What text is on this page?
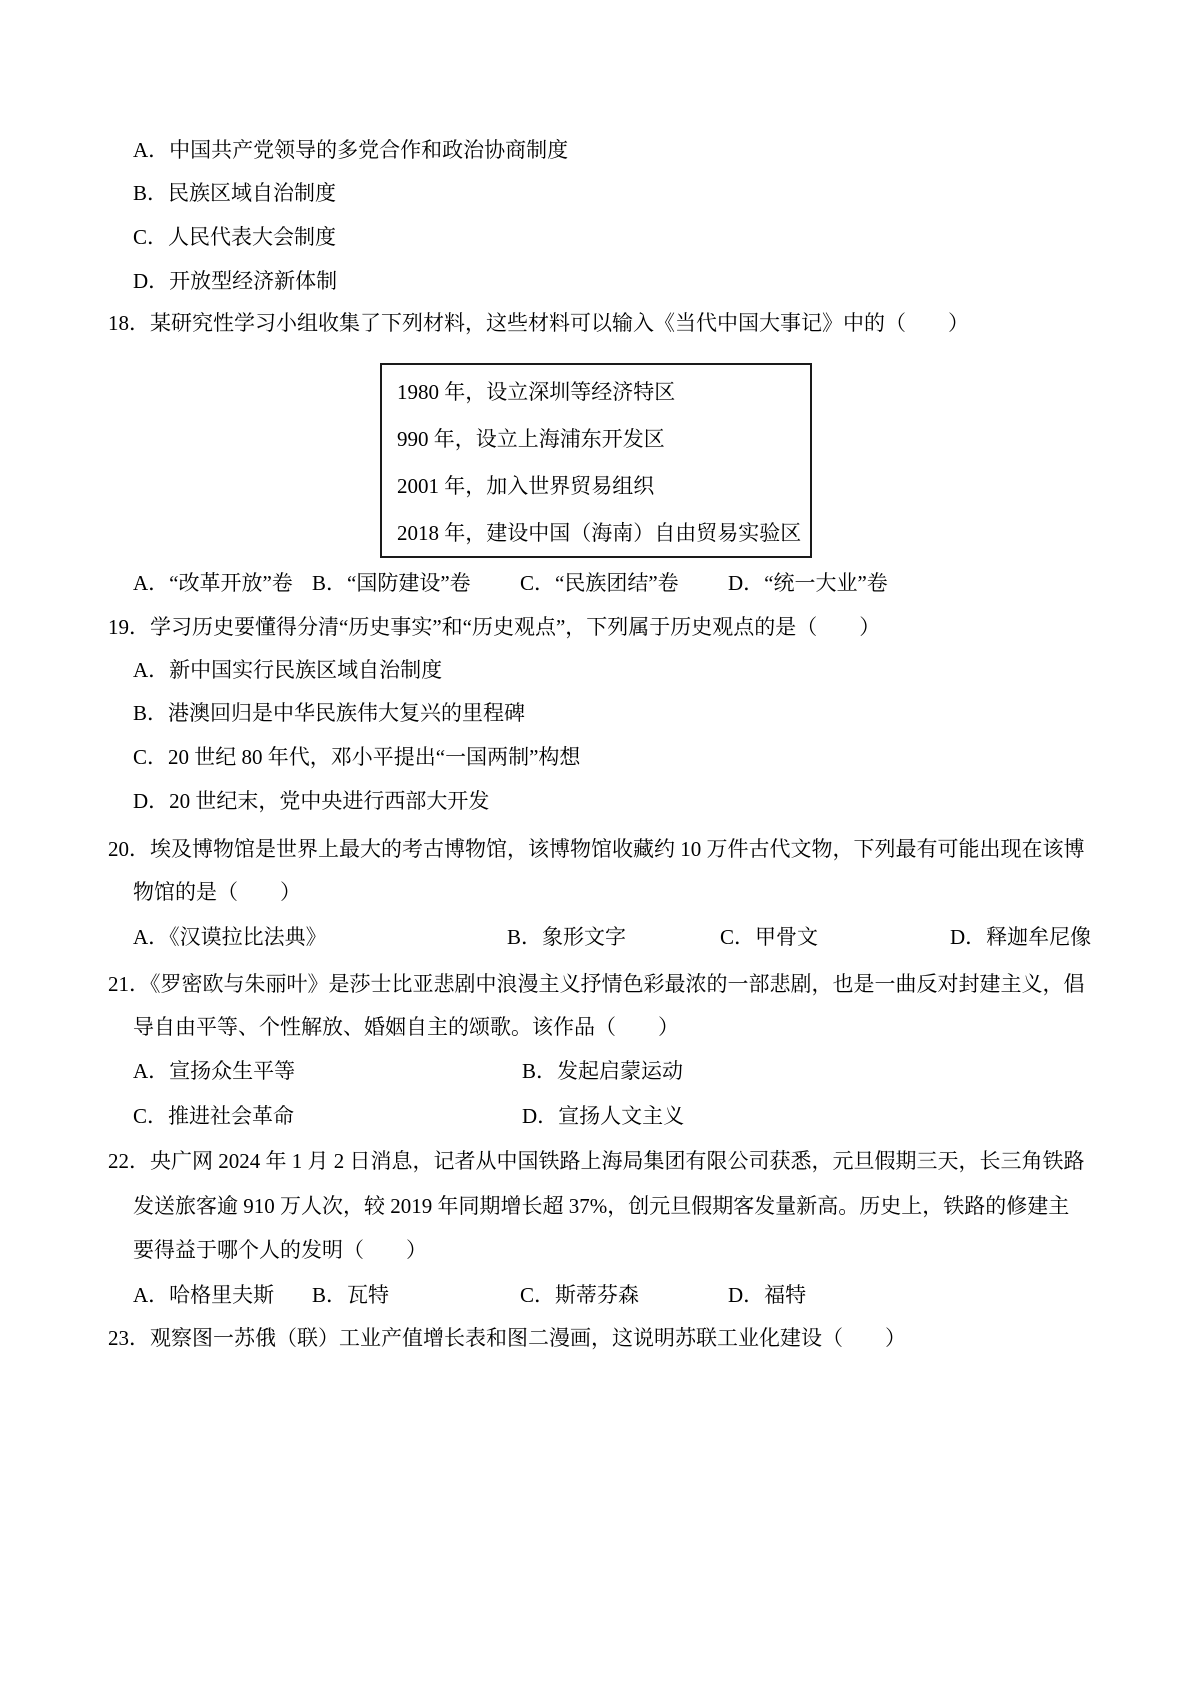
A．中国共产党领导的多党合作和政治协商制度
B．民族区域自治制度
C．人民代表大会制度
D．开放型经济新体制
18．某研究性学习小组收集了下列材料，这些材料可以输入《当代中国大事记》中的（　　）
1980 年，设立深圳等经济特区
990 年，设立上海浦东开发区
2001 年，加入世界贸易组织
2018 年，建设中国（海南）自由贸易实验区
A．“改革开放”卷 B．“国防建设”卷 C．“民族团结”卷 D．“统一大业”卷
19．学习历史要懂得分清“历史事实”和“历史观点”，下列属于历史观点的是（　　）
A．新中国实行民族区域自治制度
B．港澳回归是中华民族伟大复兴的里程碑
C．20 世纪 80 年代，邓小平提出“一国两制”构想
D．20 世纪末，党中央进行西部大开发
20．埃及博物馆是世界上最大的考古博物馆，该博物馆收藏约 10 万件古代文物，下列最有可能出现在该博
物馆的是（　　）
A．《汉谟拉比法典》	B．象形文字	C．甲骨文	D．释迦牟尼像
21．《罗密欧与朱丽叶》是莎士比亚悲剧中浪漫主义抒情色彩最浓的一部悲剧，也是一曲反对封建主义，倡
导自由平等、个性解放、婚姻自主的颂歌。该作品（　　）
A．宣扬众生平等	B．发起启蒙运动
C．推进社会革命	D．宣扬人文主义
22．央广网 2024 年 1 月 2 日消息，记者从中国铁路上海局集团有限公司获悉，元旦假期三天，长三角铁路
发送旅客逾 910 万人次，较 2019 年同期增长超 37%，创元旦假期客发量新高。历史上，铁路的修建主
要得益于哪个人的发明（　　）
A．哈格里夫斯 B．瓦特	C．斯蒂芬森	D．福特
23．观察图一苏俄（联）工业产值增长表和图二漫画，这说明苏联工业化建设（　　）
